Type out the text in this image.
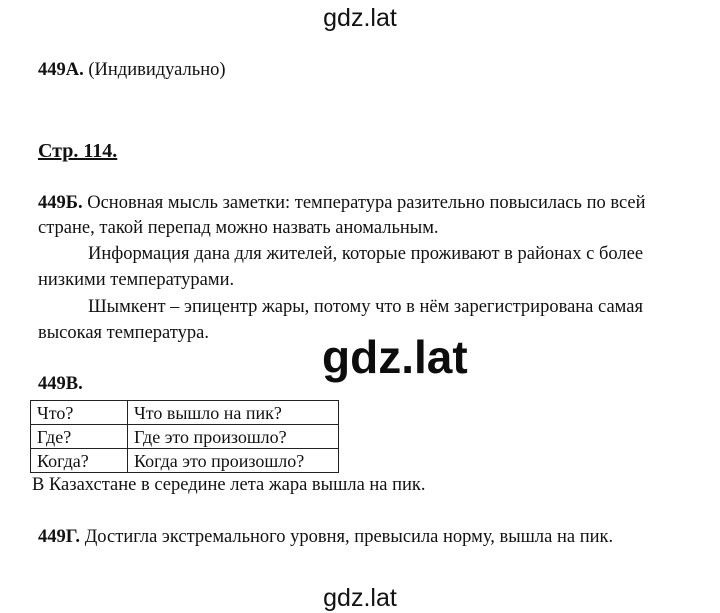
gdz.lat
449А. (Индивидуально)
Стр. 114.
449Б. Основная мысль заметки: температура разительно повысилась по всей
стране, такой перепад можно назвать аномальным.
Информация дана для жителей, которые проживают в районах с более
низкими температурами.
Шымкент – эпицентр жары, потому что в нём зарегистрирована самая
высокая температура. gdz.lat
449В.
Что?	Что вышло на пик?
Где?	Где это произошло?
Когда?	Когда это произошло?
В Казахстане в середине лета жара вышла на пик.
449Г. Достигла экстремального уровня, превысила норму, вышла на пик.
gdz.lat
